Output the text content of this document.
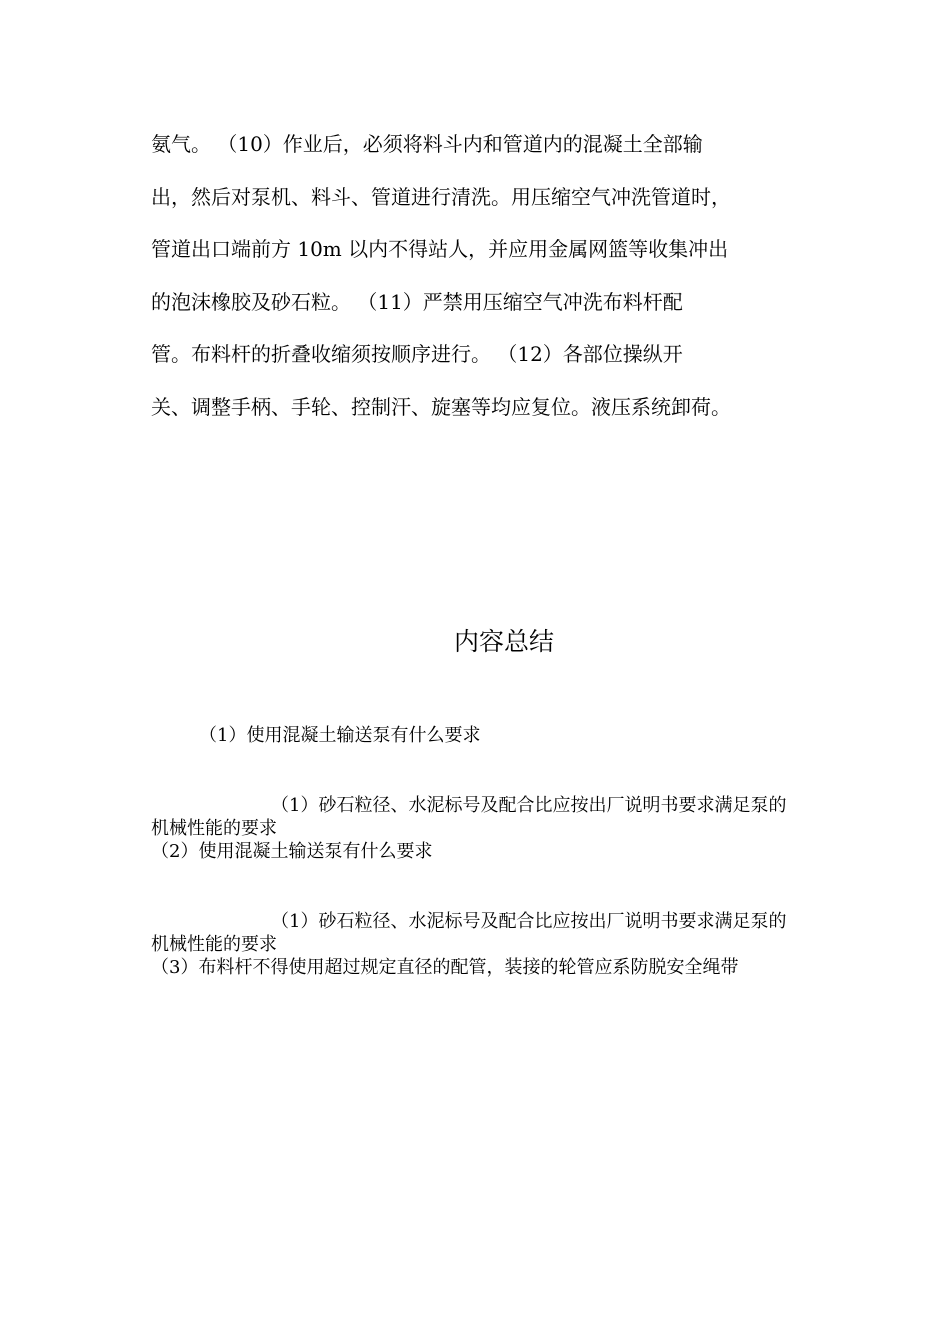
氨气。 （10）作业后，必须将料斗内和管道内的混凝土全部输
出，然后对泵机、料斗、管道进行清洗。用压缩空气冲洗管道时，
管道出口端前方 10m 以内不得站人，并应用金属网篮等收集冲出
的泡沫橡胶及砂石粒。 （11）严禁用压缩空气冲洗布料杆配
管。布料杆的折叠收缩须按顺序进行。 （12）各部位操纵开
关、调整手柄、手轮、控制汗、旋塞等均应复位。液压系统卸荷。
内容总结

（1）使用混凝土输送泵有什么要求

（1）砂石粒径、水泥标号及配合比应按出厂说明书要求满足泵的机械性能的要求

（2）使用混凝土输送泵有什么要求

（1）砂石粒径、水泥标号及配合比应按出厂说明书要求满足泵的机械性能的要求

（3）布料杆不得使用超过规定直径的配管，装接的轮管应系防脱安全绳带
